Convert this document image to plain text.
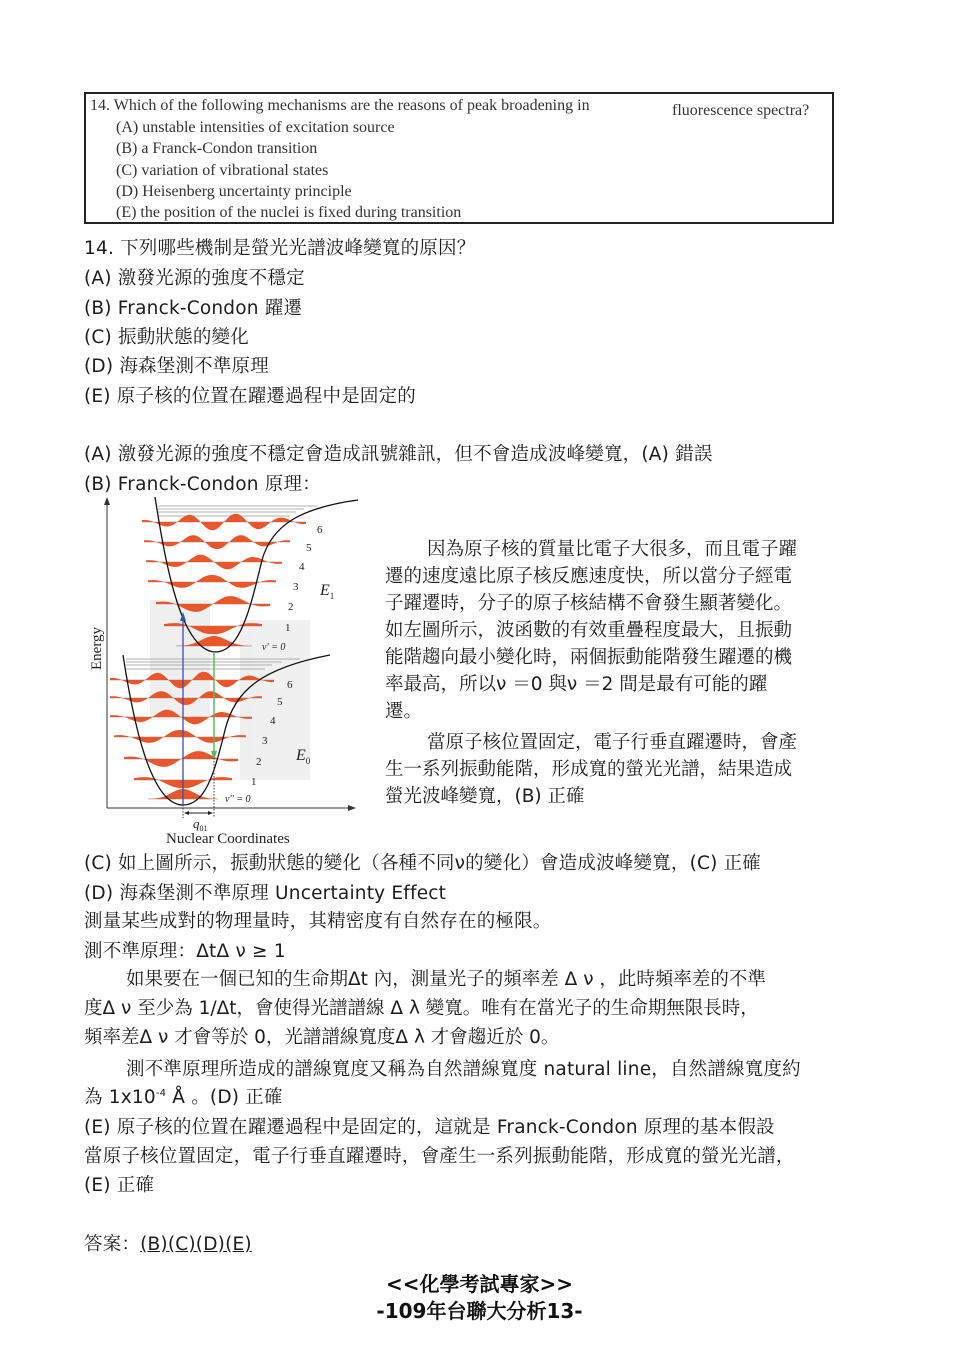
14. Which of the following mechanisms are the reasons of peak broadening in	fluorescence spectra?
(A) unstable intensities of excitation source
(B) a Franck-Condon transition
(C) variation of vibrational states
(D) Heisenberg uncertainty principle
(E) the position of the nuclei is fixed during transition
14. 下列哪些機制是螢光光譜波峰變寬的原因？
(A) 激發光源的強度不穩定
(B) Franck-Condon 躍遷
(C) 振動狀態的變化
(D) 海森堡測不準原理
(E) 原子核的位置在躍遷過程中是固定的
(A) 激發光源的強度不穩定會造成訊號雜訊，但不會造成波峰變寬，(A) 錯誤
(B) Franck-Condon 原理：
Energy
$q_{01}$
v' = 0
1
2
3
4
5
6
$E_1$
v'' = 0
1
2
3
4
5
6
$E_0$
Nuclear Coordinates
因為原子核的質量比電子大很多，而且電子躍
遷的速度遠比原子核反應速度快，所以當分子經電
子躍遷時，分子的原子核結構不會發生顯著變化。
如左圖所示，波函數的有效重疊程度最大，且振動
能階趨向最小變化時，兩個振動能階發生躍遷的機
率最高，所以ν ＝0 與ν ＝2 間是最有可能的躍
遷。
當原子核位置固定，電子行垂直躍遷時，會產
生一系列振動能階，形成寬的螢光光譜，結果造成
螢光波峰變寬，(B) 正確
(C) 如上圖所示，振動狀態的變化（各種不同ν的變化）會造成波峰變寬，(C) 正確
(D) 海森堡測不準原理 Uncertainty Effect
測量某些成對的物理量時，其精密度有自然存在的極限。
測不準原理：ΔtΔ ν ≥ 1
如果要在一個已知的生命期Δt 內，測量光子的頻率差 Δ ν ，此時頻率差的不準
度Δ ν 至少為 1/Δt，會使得光譜譜線 Δ λ 變寬。唯有在當光子的生命期無限長時，
頻率差Δ ν 才會等於 0，光譜譜線寬度Δ λ 才會趨近於 0。
測不準原理所造成的譜線寬度又稱為自然譜線寬度 natural line，自然譜線寬度約
為 $1x10^{-4}$ Å 。(D) 正確
(E) 原子核的位置在躍遷過程中是固定的，這就是 Franck-Condon 原理的基本假設
當原子核位置固定，電子行垂直躍遷時，會產生一系列振動能階，形成寬的螢光光譜，
(E) 正確
答案：(B)(C)(D)(E)
<<化學考試專家>>
-109年台聯大分析13-
